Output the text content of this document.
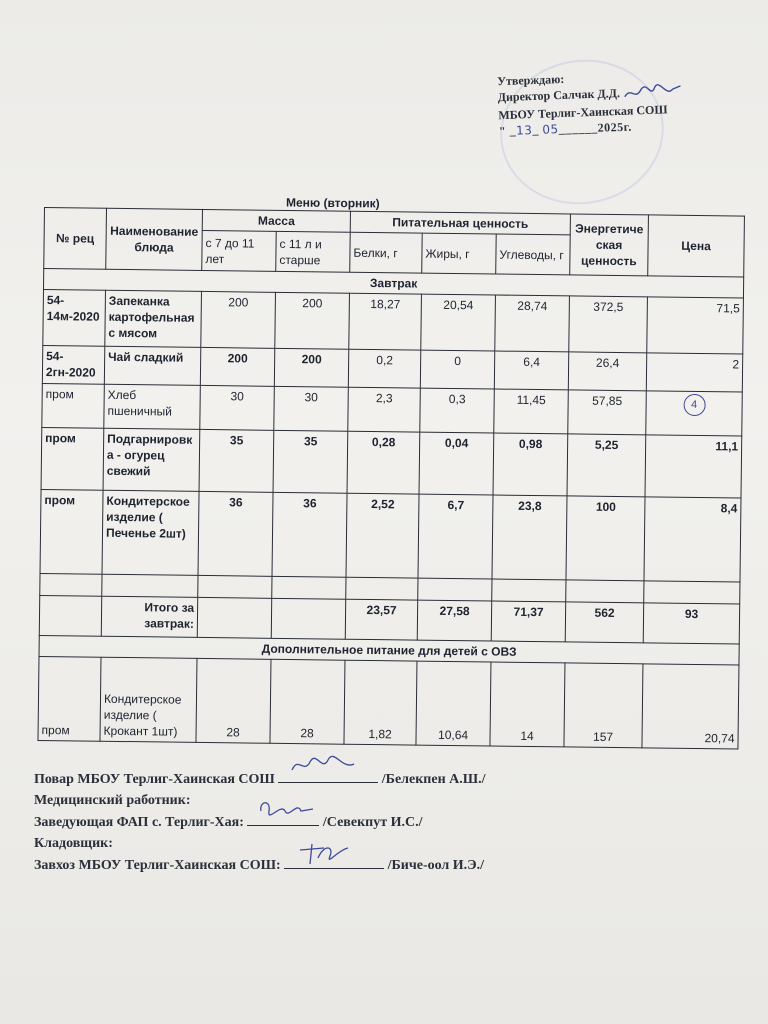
Утверждаю:
Директор Салчак Д.Д.
МБОУ Терлиг-Хаинская СОШ
" _13_ 05______2025г.
Меню (вторник)
№ рец	Наименование блюда	Масса		Питательная ценность			Энергетическая ценность	Цена
		с 7 до 11 лет	с 11 л и старше	Белки, г	Жиры, г	Углеводы, г		
Завтрак								
54-14м-2020	Запеканка картофельная с мясом	200	200	18,27	20,54	28,74	372,5	71,5
54-2гн-2020	Чай сладкий	200	200	0,2	0	6,4	26,4	2
пром	Хлеб пшеничный	30	30	2,3	0,3	11,45	57,85	4
пром	Подгарнировка - огурец свежий	35	35	0,28	0,04	0,98	5,25	11,1
пром	Кондитерское изделие ( Печенье 2шт)	36	36	2,52	6,7	23,8	100	8,4

	Итого за завтрак:			23,57	27,58	71,37	562	93
Дополнительное питание для детей с ОВЗ								
пром	Кондитерское изделие ( Крокант 1шт)	28	28	1,82	10,64	14	157	20,74
Повар МБОУ Терлиг-Хаинская СОШ	/Белекпен А.Ш./
Медицинский работник:
Заведующая ФАП с. Терлиг-Хая:	/Севекпут И.С./
Кладовщик:
Завхоз МБОУ Терлиг-Хаинская СОШ:	/Биче-оол И.Э./
